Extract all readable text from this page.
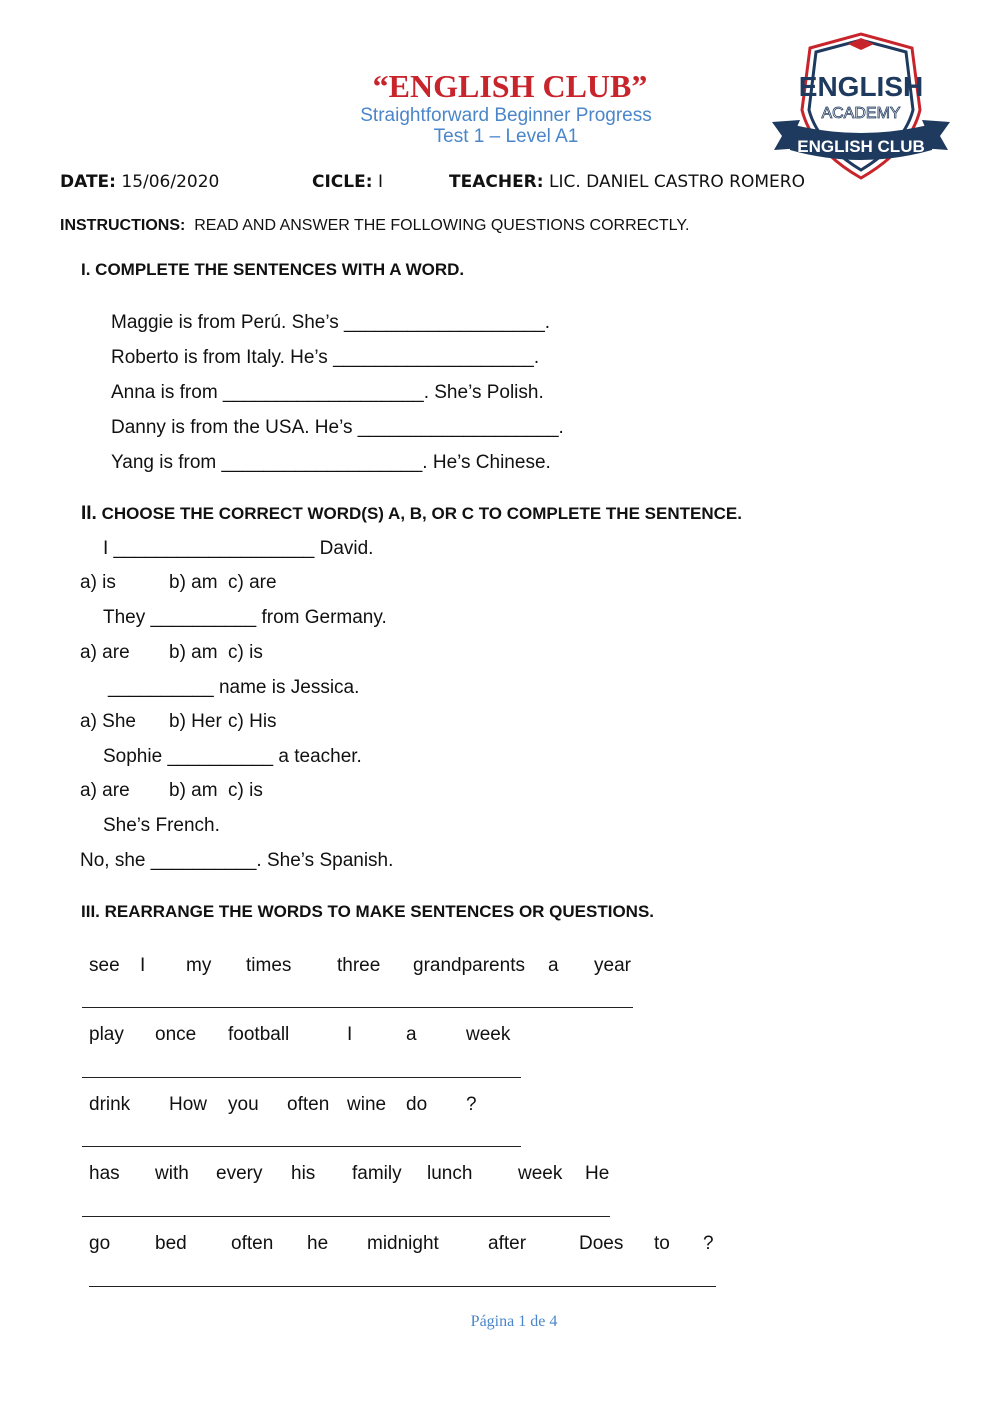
“ENGLISH CLUB”
Straightforward Beginner Progress
Test 1 – Level A1
ENGLISH
ACADEMY
ENGLISH CLUB
DATE: 15/06/2020	CICLE: I	TEACHER: LIC. DANIEL CASTRO ROMERO
INSTRUCTIONS: READ AND ANSWER THE FOLLOWING QUESTIONS CORRECTLY.
I. COMPLETE THE SENTENCES WITH A WORD.
Maggie is from Perú. She’s ___________________.
Roberto is from Italy. He’s ___________________.
Anna is from ___________________. She’s Polish.
Danny is from the USA. He’s ___________________.
Yang is from ___________________. He’s Chinese.
II. CHOOSE THE CORRECT WORD(S) A, B, OR C TO COMPLETE THE SENTENCE.
I ___________________ David.
a) is	b) am c) are
They __________ from Germany.
a) are b) am c) is
__________ name is Jessica.
a) She b) Her c) His
Sophie __________ a teacher.
a) are b) am c) is
She’s French.
No, she __________. She’s Spanish.
III. REARRANGE THE WORDS TO MAKE SENTENCES OR QUESTIONS.
see I my times three grandparents a year
play once football	I	a	week
drink How you often wine do ?
has with every his family lunch week He
go bed often he midnight	after	Does to ?
Página 1 de 4
